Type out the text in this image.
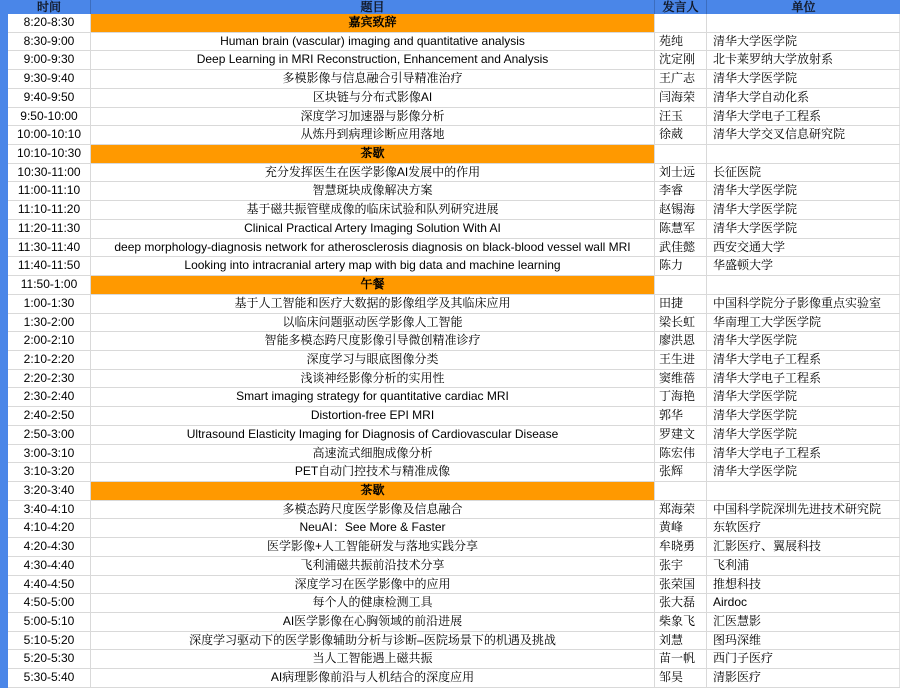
时间	题目	发言人	单位
8:20-8:30	嘉宾致辞
8:30-9:00	Human brain (vascular) imaging and quantitative analysis	苑纯	清华大学医学院
9:00-9:30	Deep Learning in MRI Reconstruction, Enhancement and Analysis	沈定刚	北卡莱罗纳大学放射系
9:30-9:40	多模影像与信息融合引导精准治疗	王广志	清华大学医学院
9:40-9:50	区块链与分布式影像AI	闫海荣	清华大学自动化系
9:50-10:00	深度学习加速器与影像分析	汪玉	清华大学电子工程系
10:00-10:10	从炼丹到病理诊断应用落地	徐葳	清华大学交叉信息研究院
10:10-10:30	茶歇
10:30-11:00	充分发挥医生在医学影像AI发展中的作用	刘士远	长征医院
11:00-11:10	智慧斑块成像解决方案	李睿	清华大学医学院
11:10-11:20	基于磁共振管壁成像的临床试验和队列研究进展	赵锡海	清华大学医学院
11:20-11:30	Clinical Practical Artery Imaging Solution With AI	陈慧军	清华大学医学院
11:30-11:40	deep morphology-diagnosis network for atherosclerosis diagnosis on black-blood vessel wall MRI	武佳懿	西安交通大学
11:40-11:50	Looking into intracranial artery map with big data and machine learning	陈力	华盛顿大学
11:50-1:00	午餐
1:00-1:30	基于人工智能和医疗大数据的影像组学及其临床应用	田捷	中国科学院分子影像重点实验室
1:30-2:00	以临床问题驱动医学影像人工智能	梁长虹	华南理工大学医学院
2:00-2:10	智能多模态跨尺度影像引导微创精准诊疗	廖洪恩	清华大学医学院
2:10-2:20	深度学习与眼底图像分类	王生进	清华大学电子工程系
2:20-2:30	浅谈神经影像分析的实用性	窦维蓓	清华大学电子工程系
2:30-2:40	Smart imaging strategy for quantitative cardiac MRI	丁海艳	清华大学医学院
2:40-2:50	Distortion-free EPI MRI	郭华	清华大学医学院
2:50-3:00	Ultrasound Elasticity Imaging for Diagnosis of Cardiovascular Disease	罗建文	清华大学医学院
3:00-3:10	高速流式细胞成像分析	陈宏伟	清华大学电子工程系
3:10-3:20	PET自动门控技术与精准成像	张辉	清华大学医学院
3:20-3:40	茶歇
3:40-4:10	多模态跨尺度医学影像及信息融合	郑海荣	中国科学院深圳先进技术研究院
4:10-4:20	NeuAI：See More & Faster	黄峰	东软医疗
4:20-4:30	医学影像+人工智能研发与落地实践分享	牟晓勇	汇影医疗、翼展科技
4:30-4:40	飞利浦磁共振前沿技术分享	张宇	飞利浦
4:40-4:50	深度学习在医学影像中的应用	张荣国	推想科技
4:50-5:00	每个人的健康检测工具	张大磊	Airdoc
5:00-5:10	AI医学影像在心胸领域的前沿进展	柴象飞	汇医慧影
5:10-5:20	深度学习驱动下的医学影像辅助分析与诊断–医院场景下的机遇及挑战	刘慧	图玛深维
5:20-5:30	当人工智能遇上磁共振	苗一帆	西门子医疗
5:30-5:40	AI病理影像前沿与人机结合的深度应用	邹昊	清影医疗
